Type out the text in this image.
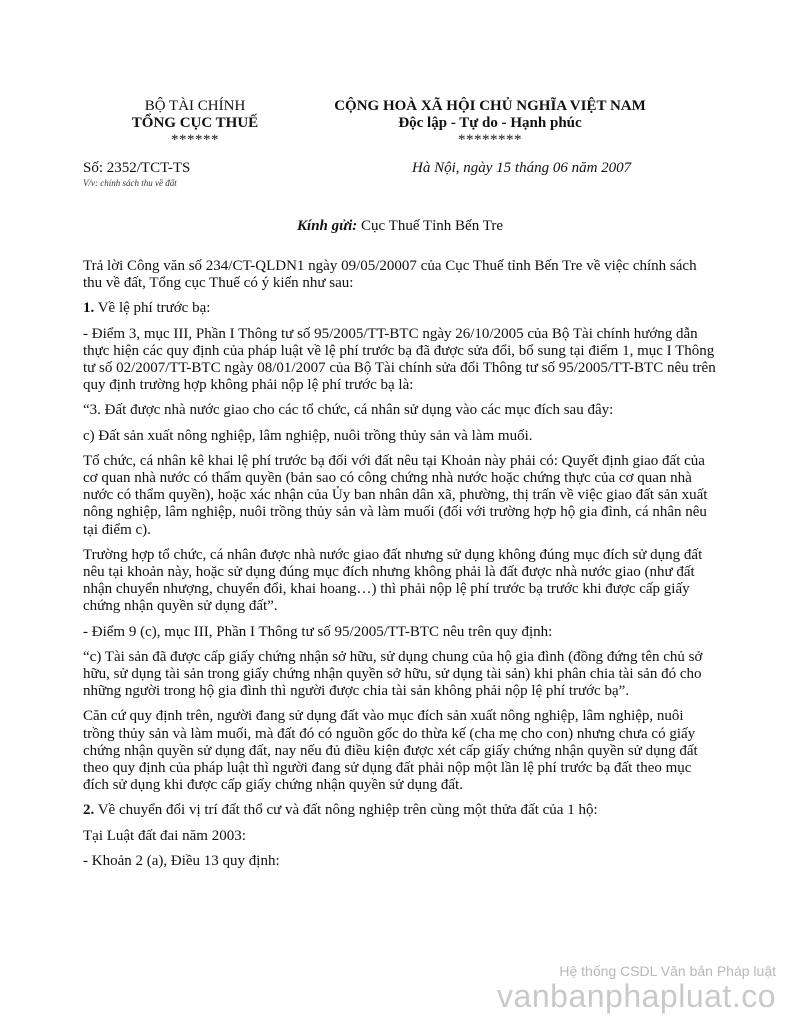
BỘ TÀI CHÍNH
TỔNG CỤC THUẾ
******
CỘNG HOÀ XÃ HỘI CHỦ NGHĨA VIỆT NAM
Độc lập - Tự do - Hạnh phúc
********
Số: 2352/TCT-TS
V/v: chính sách thu về đất
Hà Nội, ngày 15 tháng 06 năm 2007
Kính gửi: Cục Thuế Tỉnh Bến Tre

Trả lời Công văn số 234/CT-QLDN1 ngày 09/05/20007 của Cục Thuế tỉnh Bến Tre về việc chính sách thu về đất, Tổng cục Thuế có ý kiến như sau:

1. Về lệ phí trước bạ:

- Điểm 3, mục III, Phần I Thông tư số 95/2005/TT-BTC ngày 26/10/2005 của Bộ Tài chính hướng dẫn thực hiện các quy định của pháp luật về lệ phí trước bạ đã được sửa đổi, bổ sung tại điểm 1, mục I Thông tư số 02/2007/TT-BTC ngày 08/01/2007 của Bộ Tài chính sửa đổi Thông tư số 95/2005/TT-BTC nêu trên quy định trường hợp không phải nộp lệ phí trước bạ là:

“3. Đất được nhà nước giao cho các tổ chức, cá nhân sử dụng vào các mục đích sau đây:

c) Đất sản xuất nông nghiệp, lâm nghiệp, nuôi trồng thủy sản và làm muối.

Tổ chức, cá nhân kê khai lệ phí trước bạ đối với đất nêu tại Khoản này phải có: Quyết định giao đất của cơ quan nhà nước có thẩm quyền (bản sao có công chứng nhà nước hoặc chứng thực của cơ quan nhà nước có thẩm quyền), hoặc xác nhận của Ủy ban nhân dân xã, phường, thị trấn về việc giao đất sản xuất nông nghiệp, lâm nghiệp, nuôi trồng thủy sản và làm muối (đối với trường hợp hộ gia đình, cá nhân nêu tại điểm c).

Trường hợp tổ chức, cá nhân được nhà nước giao đất nhưng sử dụng không đúng mục đích sử dụng đất nêu tại khoản này, hoặc sử dụng đúng mục đích nhưng không phải là đất được nhà nước giao (như đất nhận chuyển nhượng, chuyển đổi, khai hoang…) thì phải nộp lệ phí trước bạ trước khi được cấp giấy chứng nhận quyền sử dụng đất”.

- Điểm 9 (c), mục III, Phần I Thông tư số 95/2005/TT-BTC nêu trên quy định:

“c) Tài sản đã được cấp giấy chứng nhận sở hữu, sử dụng chung của hộ gia đình (đồng đứng tên chủ sở hữu, sử dụng tài sản trong giấy chứng nhận quyền sở hữu, sử dụng tài sản) khi phân chia tài sản đó cho những người trong hộ gia đình thì người được chia tài sản không phải nộp lệ phí trước bạ”.

Căn cứ quy định trên, người đang sử dụng đất vào mục đích sản xuất nông nghiệp, lâm nghiệp, nuôi trồng thủy sản và làm muối, mà đất đó có nguồn gốc do thừa kế (cha mẹ cho con) nhưng chưa có giấy chứng nhận quyền sử dụng đất, nay nếu đủ điều kiện được xét cấp giấy chứng nhận quyền sử dụng đất theo quy định của pháp luật thì người đang sử dụng đất phải nộp một lần lệ phí trước bạ đất theo mục đích sử dụng khi được cấp giấy chứng nhận quyền sử dụng đất.

2. Về chuyển đổi vị trí đất thổ cư và đất nông nghiệp trên cùng một thửa đất của 1 hộ:

Tại Luật đất đai năm 2003:

- Khoản 2 (a), Điều 13 quy định:

Hệ thống CSDL Văn bản Pháp luật
vanbanphapluat.co
